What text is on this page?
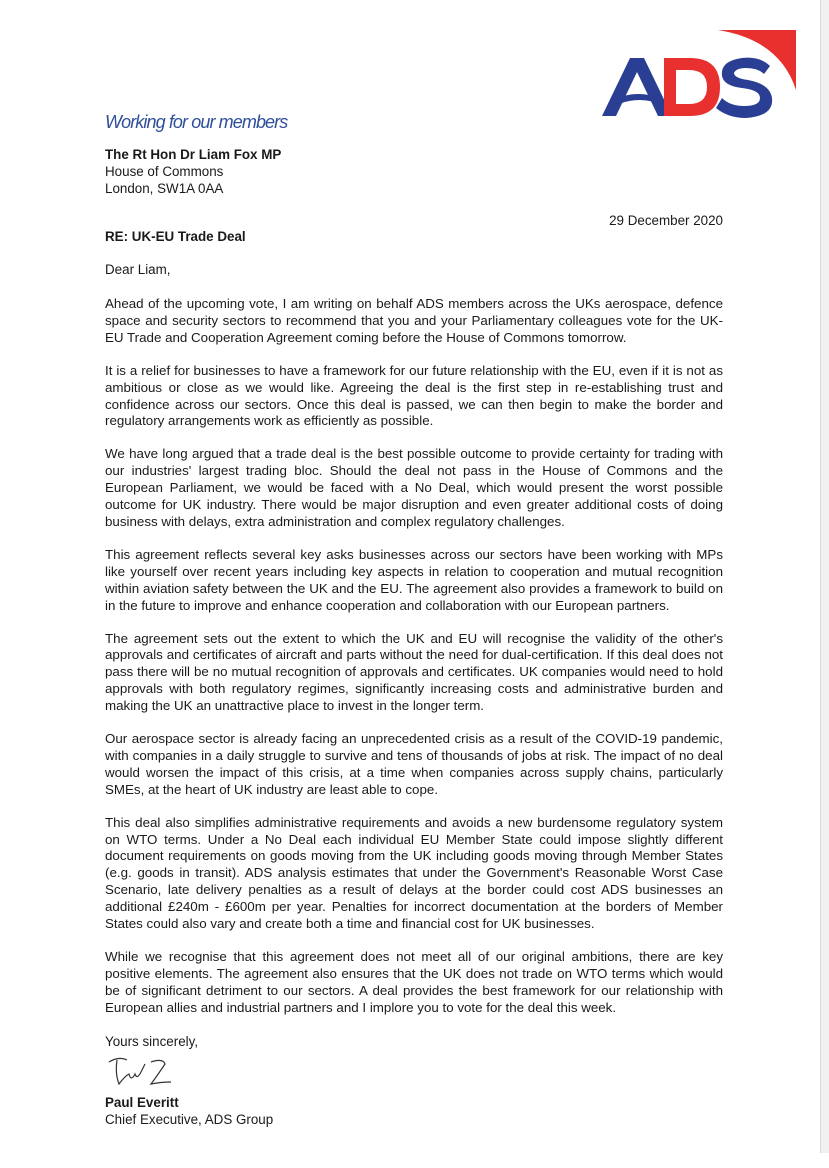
Working for our members
The Rt Hon Dr Liam Fox MP
House of Commons
London, SW1A 0AA
29 December 2020
RE: UK-EU Trade Deal
Dear Liam,

Ahead of the upcoming vote, I am writing on behalf ADS members across the UKs aerospace, defence space and security sectors to recommend that you and your Parliamentary colleagues vote for the UK-EU Trade and Cooperation Agreement coming before the House of Commons tomorrow.

It is a relief for businesses to have a framework for our future relationship with the EU, even if it is not as ambitious or close as we would like. Agreeing the deal is the first step in re-establishing trust and confidence across our sectors. Once this deal is passed, we can then begin to make the border and regulatory arrangements work as efficiently as possible.

We have long argued that a trade deal is the best possible outcome to provide certainty for trading with our industries' largest trading bloc. Should the deal not pass in the House of Commons and the European Parliament, we would be faced with a No Deal, which would present the worst possible outcome for UK industry. There would be major disruption and even greater additional costs of doing business with delays, extra administration and complex regulatory challenges.

This agreement reflects several key asks businesses across our sectors have been working with MPs like yourself over recent years including key aspects in relation to cooperation and mutual recognition within aviation safety between the UK and the EU. The agreement also provides a framework to build on in the future to improve and enhance cooperation and collaboration with our European partners.

The agreement sets out the extent to which the UK and EU will recognise the validity of the other's approvals and certificates of aircraft and parts without the need for dual-certification. If this deal does not pass there will be no mutual recognition of approvals and certificates. UK companies would need to hold approvals with both regulatory regimes, significantly increasing costs and administrative burden and making the UK an unattractive place to invest in the longer term.

Our aerospace sector is already facing an unprecedented crisis as a result of the COVID-19 pandemic, with companies in a daily struggle to survive and tens of thousands of jobs at risk. The impact of no deal would worsen the impact of this crisis, at a time when companies across supply chains, particularly SMEs, at the heart of UK industry are least able to cope.

This deal also simplifies administrative requirements and avoids a new burdensome regulatory system on WTO terms. Under a No Deal each individual EU Member State could impose slightly different document requirements on goods moving from the UK including goods moving through Member States (e.g. goods in transit). ADS analysis estimates that under the Government's Reasonable Worst Case Scenario, late delivery penalties as a result of delays at the border could cost ADS businesses an additional £240m - £600m per year. Penalties for incorrect documentation at the borders of Member States could also vary and create both a time and financial cost for UK businesses.

While we recognise that this agreement does not meet all of our original ambitions, there are key positive elements. The agreement also ensures that the UK does not trade on WTO terms which would be of significant detriment to our sectors. A deal provides the best framework for our relationship with European allies and industrial partners and I implore you to vote for the deal this week.

Yours sincerely,
Paul Everitt
Chief Executive, ADS Group
